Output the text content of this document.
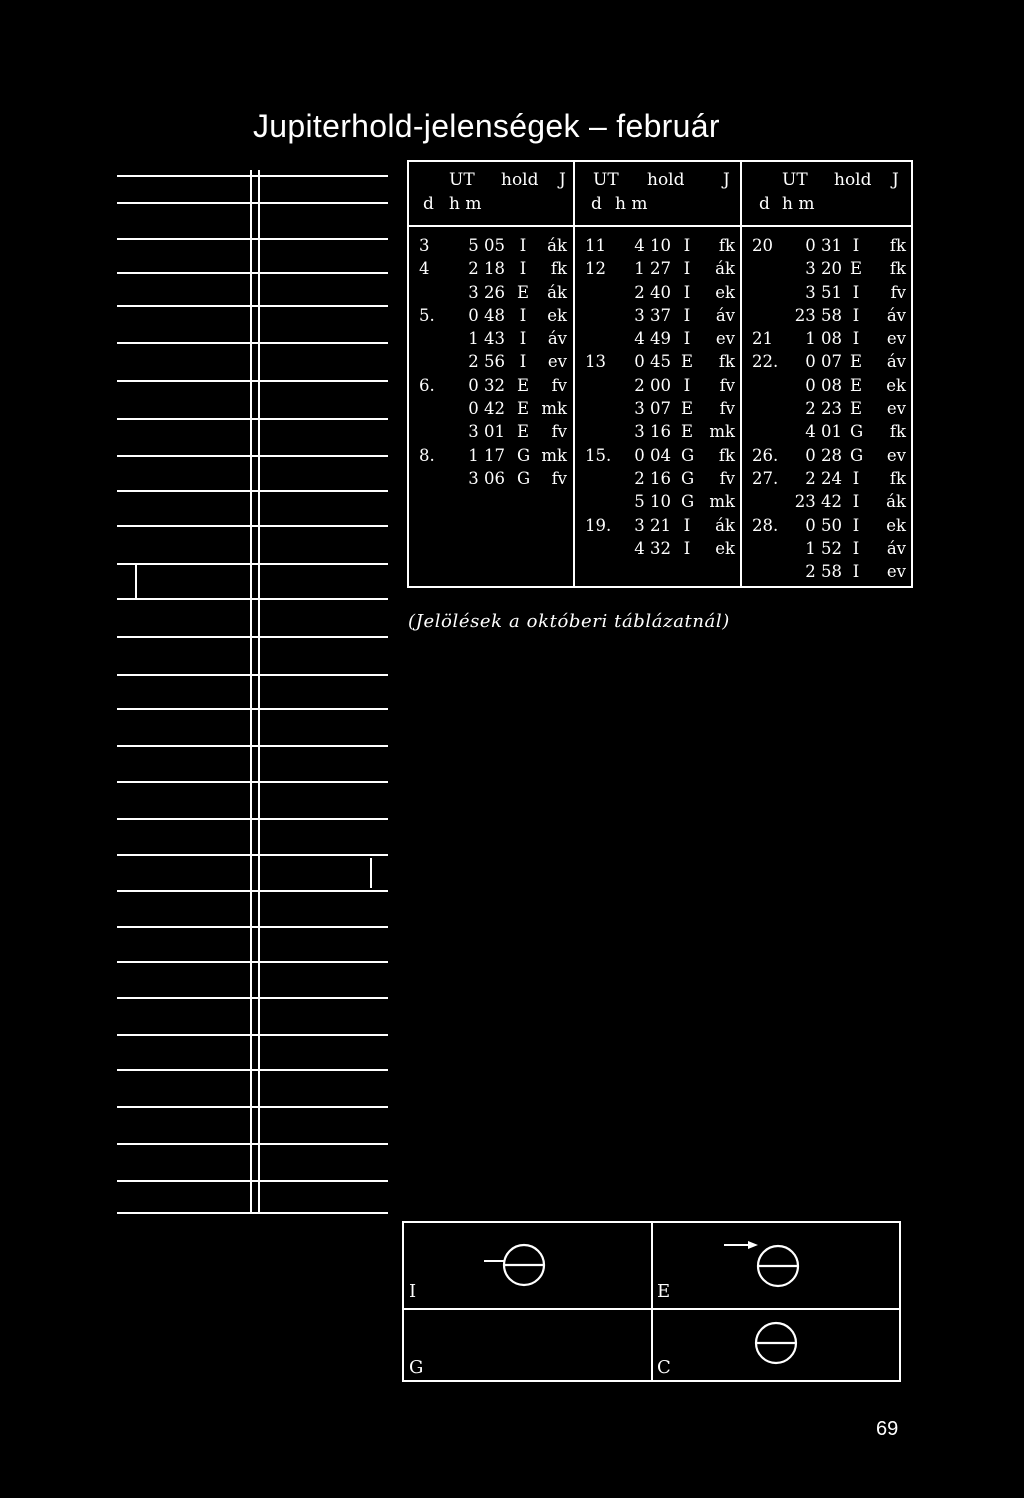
Jupiterhold-jelenségek – február
UT hold J
d h m
3	5 05 I	ák
4	2 18 I	fk
3 26 E	ák
5.	0 48 I	ek
1 43 I	áv
2 56 I	ev
6.	0 32 E	fv
0 42 E mk
3 01 E	fv
8.	1 17 G mk
3 06 G	fv
UT hold J
d h m
11	4 10 I	fk
12	1 27 I	ák
2 40 I	ek
3 37 I	áv
4 49 I	ev
13	0 45 E	fk
2 00 I	fv
3 07 E	fv
3 16 E mk
15.	0 04 G	fk
2 16 G	fv
5 10 G mk
19.	3 21 I	ák
4 32 I	ek
UT hold J
d h m
20	0 31 I	fk
3 20 E	fk
3 51 I	fv
23 58 I	áv
21	1 08 I	ev
22.	0 07 E	áv
0 08 E	ek
2 23 E	ev
4 01 G	fk
26.	0 28 G	ev
27.	2 24 I	fk
23 42 I	ák
28.	0 50 I	ek
1 52 I	áv
2 58 I	ev
(Jelölések a októberi táblázatnál)
I	E
G	C
69
